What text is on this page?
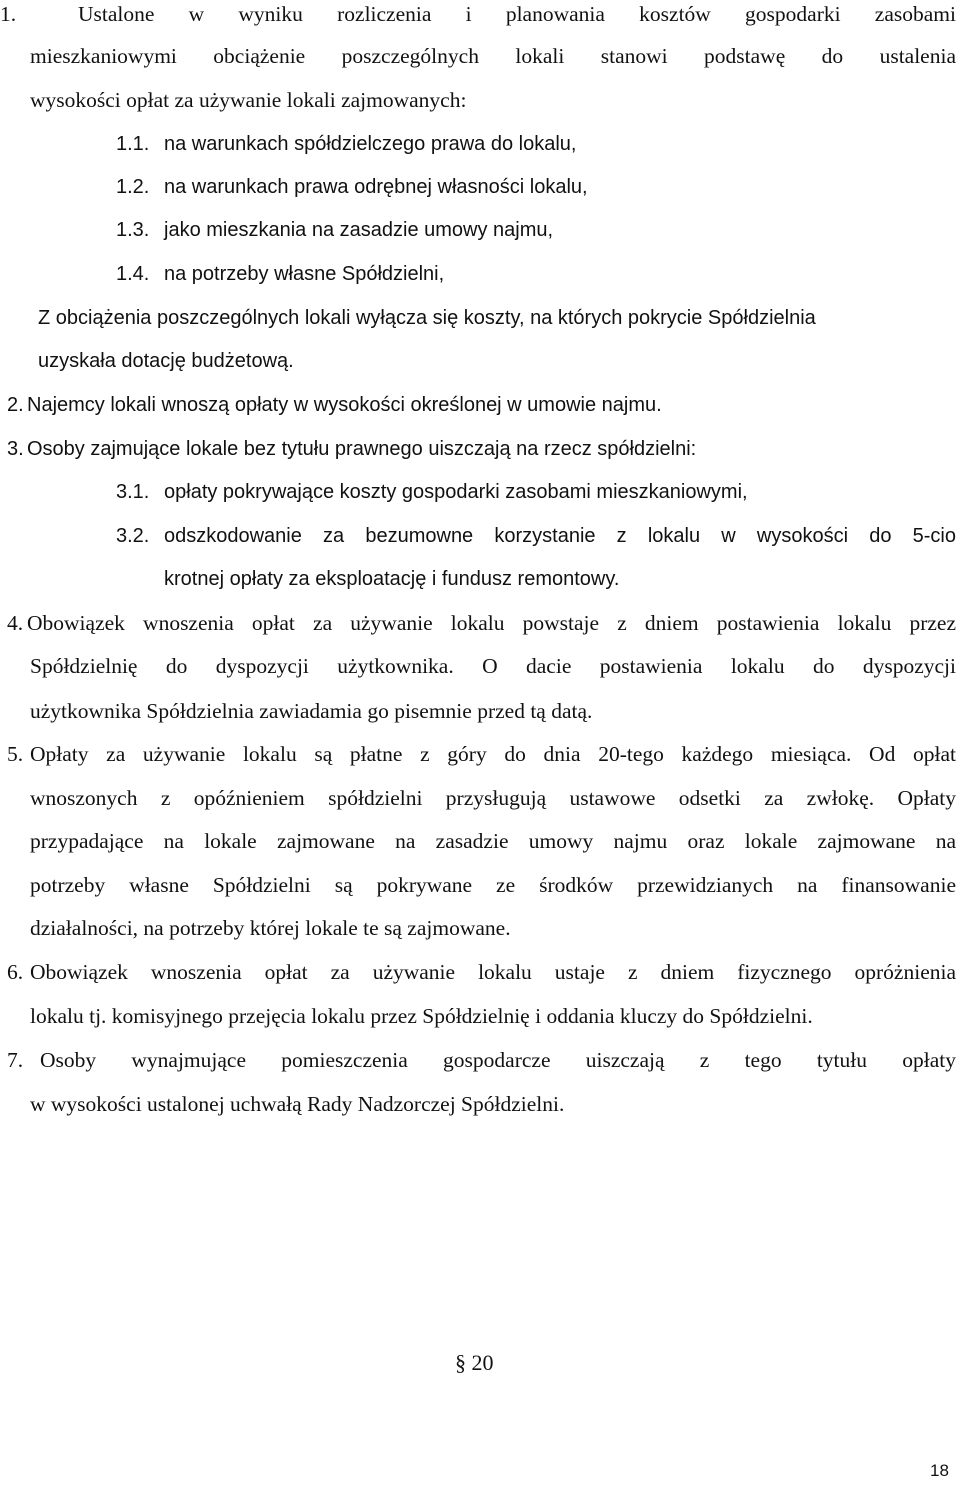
1.	Ustalone w wyniku rozliczenia i planowania kosztów gospodarki zasobami
mieszkaniowymi obciążenie poszczególnych lokali stanowi podstawę do ustalenia
wysokości opłat za używanie lokali zajmowanych:
1.1. na warunkach spółdzielczego prawa do lokalu,
1.2. na warunkach prawa odrębnej własności lokalu,
1.3. jako mieszkania na zasadzie umowy najmu,
1.4. na potrzeby własne Spółdzielni,
Z obciążenia poszczególnych lokali wyłącza się koszty, na których pokrycie Spółdzielnia
uzyskała dotację budżetową.
2. Najemcy lokali wnoszą opłaty w wysokości określonej w umowie najmu.
3. Osoby zajmujące lokale bez tytułu prawnego uiszczają na rzecz spółdzielni:
3.1. opłaty pokrywające koszty gospodarki zasobami mieszkaniowymi,
3.2. odszkodowanie za bezumowne korzystanie z lokalu w wysokości do 5-cio
krotnej opłaty za eksploatację i fundusz remontowy.
4. Obowiązek wnoszenia opłat za używanie lokalu powstaje z dniem postawienia lokalu przez
Spółdzielnię do dyspozycji użytkownika. O dacie postawienia lokalu do dyspozycji
użytkownika Spółdzielnia zawiadamia go pisemnie przed tą datą.
5. Opłaty za używanie lokalu są płatne z góry do dnia 20-tego każdego miesiąca. Od opłat
wnoszonych z opóźnieniem spółdzielni przysługują ustawowe odsetki za zwłokę. Opłaty
przypadające na lokale zajmowane na zasadzie umowy najmu oraz lokale zajmowane na
potrzeby własne Spółdzielni są pokrywane ze środków przewidzianych na finansowanie
działalności, na potrzeby której lokale te są zajmowane.
6. Obowiązek wnoszenia opłat za używanie lokalu ustaje z dniem fizycznego opróżnienia
lokalu tj. komisyjnego przejęcia lokalu przez Spółdzielnię i oddania kluczy do Spółdzielni.
7. Osoby wynajmujące pomieszczenia gospodarcze uiszczają z tego tytułu opłaty
w wysokości ustalonej uchwałą Rady Nadzorczej Spółdzielni.
§ 20
18
